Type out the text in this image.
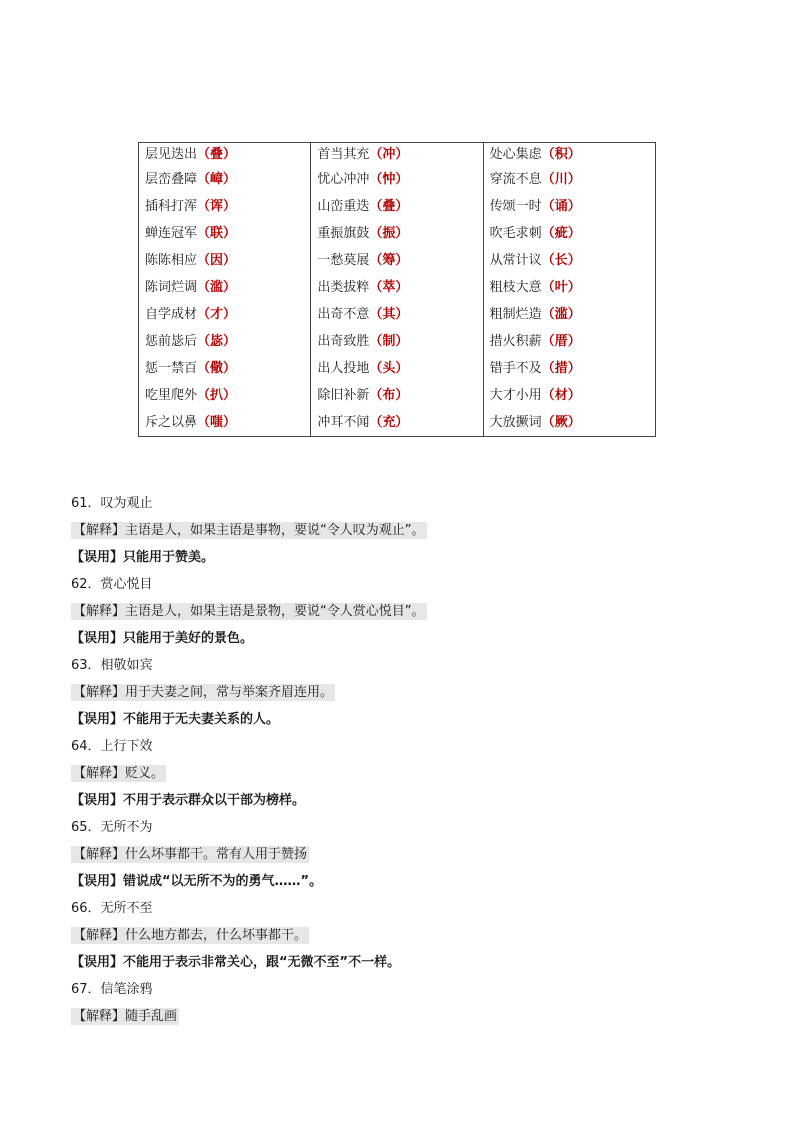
层见迭出（叠）	首当其充（冲）	处心集虑（积）
层峦叠障（嶂）	忧心冲冲（忡）	穿流不息（川）
插科打浑（诨）	山峦重迭（叠）	传颂一时（诵）
蝉连冠军（联）	重振旗鼓（振）	吹毛求刺（疵）
陈陈相应（因）	一愁莫展（筹）	从常计议（长）
陈词烂调（滥）	出类拔粹（萃）	粗枝大意（叶）
自学成材（才）	出奇不意（其）	粗制烂造（滥）
惩前毖后（毖）	出奇致胜（制）	措火积薪（厝）
惩一禁百（儆）	出人投地（头）	错手不及（措）
吃里爬外（扒）	除旧补新（布）	大才小用（材）
斥之以鼻（嗤）	冲耳不闻（充）	大放撅词（厥）
61．叹为观止
【解释】主语是人，如果主语是事物，要说“令人叹为观止”。
【误用】只能用于赞美。
62．赏心悦目
【解释】主语是人，如果主语是景物，要说“令人赏心悦目”。
【误用】只能用于美好的景色。
63．相敬如宾
【解释】用于夫妻之间，常与举案齐眉连用。
【误用】不能用于无夫妻关系的人。
64．上行下效
【解释】贬义。
【误用】不用于表示群众以干部为榜样。
65．无所不为
【解释】什么坏事都干。常有人用于赞扬
【误用】错说成“以无所不为的勇气……”。
66．无所不至
【解释】什么地方都去，什么坏事都干。
【误用】不能用于表示非常关心，跟“无微不至”不一样。
67．信笔涂鸦
【解释】随手乱画
